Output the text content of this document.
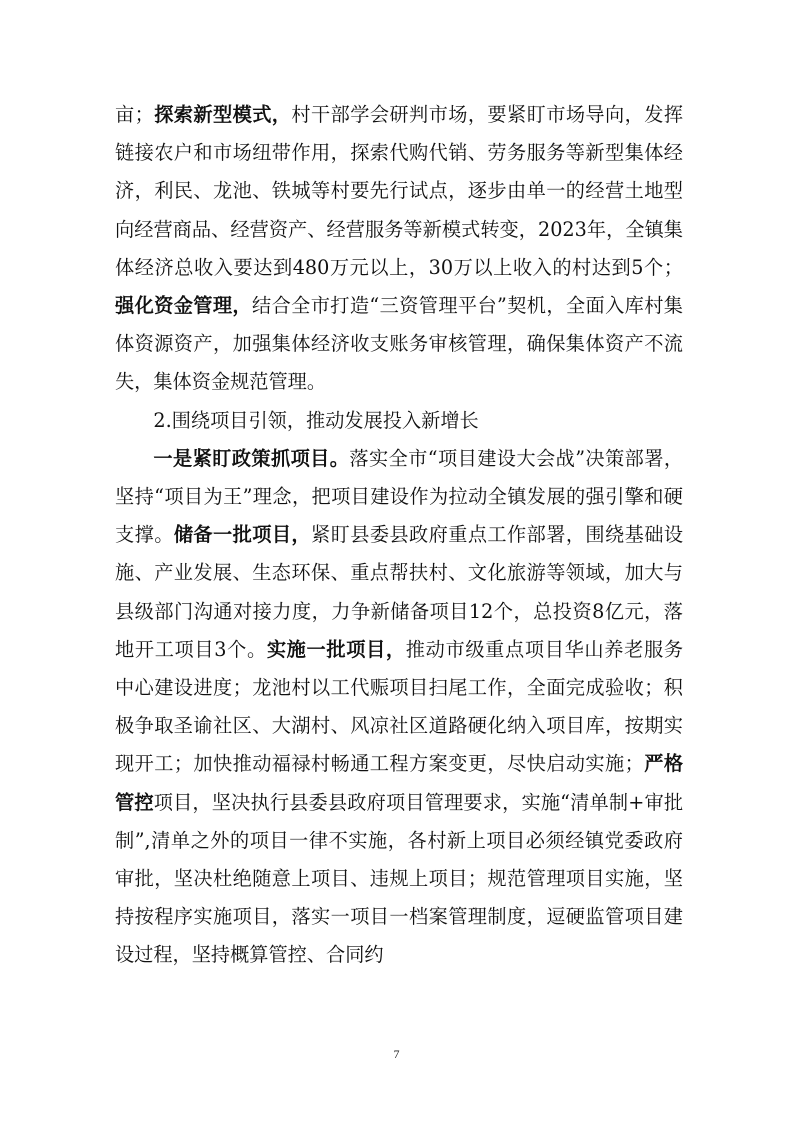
亩；探索新型模式，村干部学会研判市场，要紧盯市场导向，发挥链接农户和市场纽带作用，探索代购代销、劳务服务等新型集体经济，利民、龙池、铁城等村要先行试点，逐步由单一的经营土地型向经营商品、经营资产、经营服务等新模式转变，2023年，全镇集体经济总收入要达到480万元以上，30万以上收入的村达到5个；强化资金管理，结合全市打造“三资管理平台”契机，全面入库村集体资源资产，加强集体经济收支账务审核管理，确保集体资产不流失，集体资金规范管理。

2.围绕项目引领，推动发展投入新增长

一是紧盯政策抓项目。落实全市“项目建设大会战”决策部署，坚持“项目为王”理念，把项目建设作为拉动全镇发展的强引擎和硬支撑。储备一批项目，紧盯县委县政府重点工作部署，围绕基础设施、产业发展、生态环保、重点帮扶村、文化旅游等领域，加大与县级部门沟通对接力度，力争新储备项目12个，总投资8亿元，落地开工项目3个。实施一批项目，推动市级重点项目华山养老服务中心建设进度；龙池村以工代赈项目扫尾工作，全面完成验收；积极争取圣谕社区、大湖村、风凉社区道路硬化纳入项目库，按期实现开工；加快推动福禄村畅通工程方案变更，尽快启动实施；严格管控项目，坚决执行县委县政府项目管理要求，实施“清单制+审批制”,清单之外的项目一律不实施，各村新上项目必须经镇党委政府审批，坚决杜绝随意上项目、违规上项目；规范管理项目实施，坚持按程序实施项目，落实一项目一档案管理制度，逗硬监管项目建设过程，坚持概算管控、合同约

7
